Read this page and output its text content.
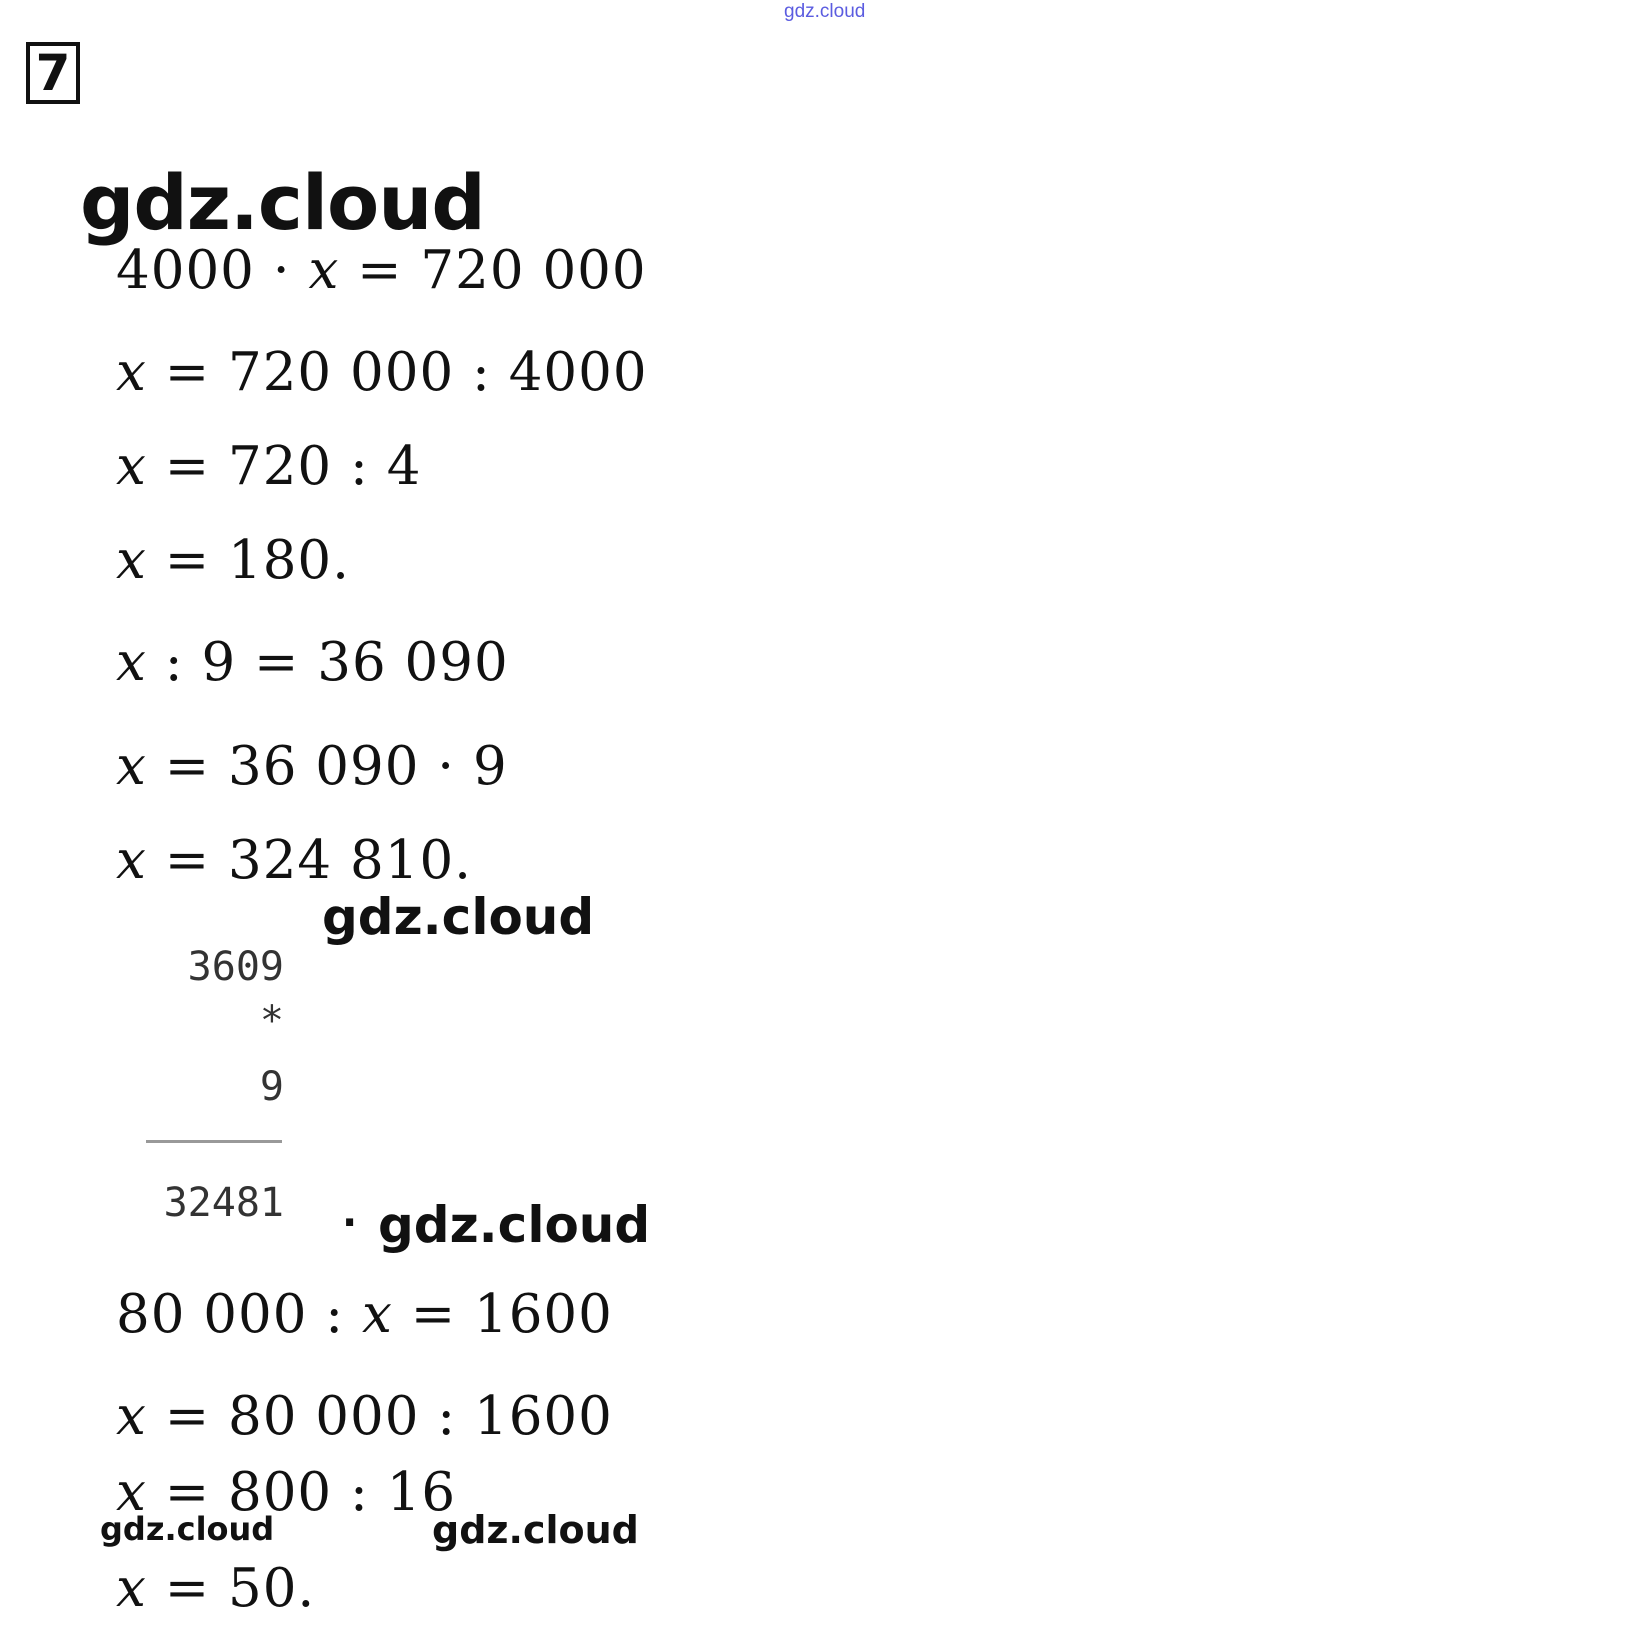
gdz.cloud
7
gdz.cloud
4000 · x = 720 000
x = 720 000 : 4000
x = 720 : 4
x = 180.
x : 9 = 36 090
x = 36 090 · 9
x = 324 810.
gdz.cloud
3609
*
9
32481 · gdz.cloud
80 000 : x = 1600
x = 80 000 : 1600
x = 800 : 16
gdz.cloud	gdz.cloud
x = 50.
